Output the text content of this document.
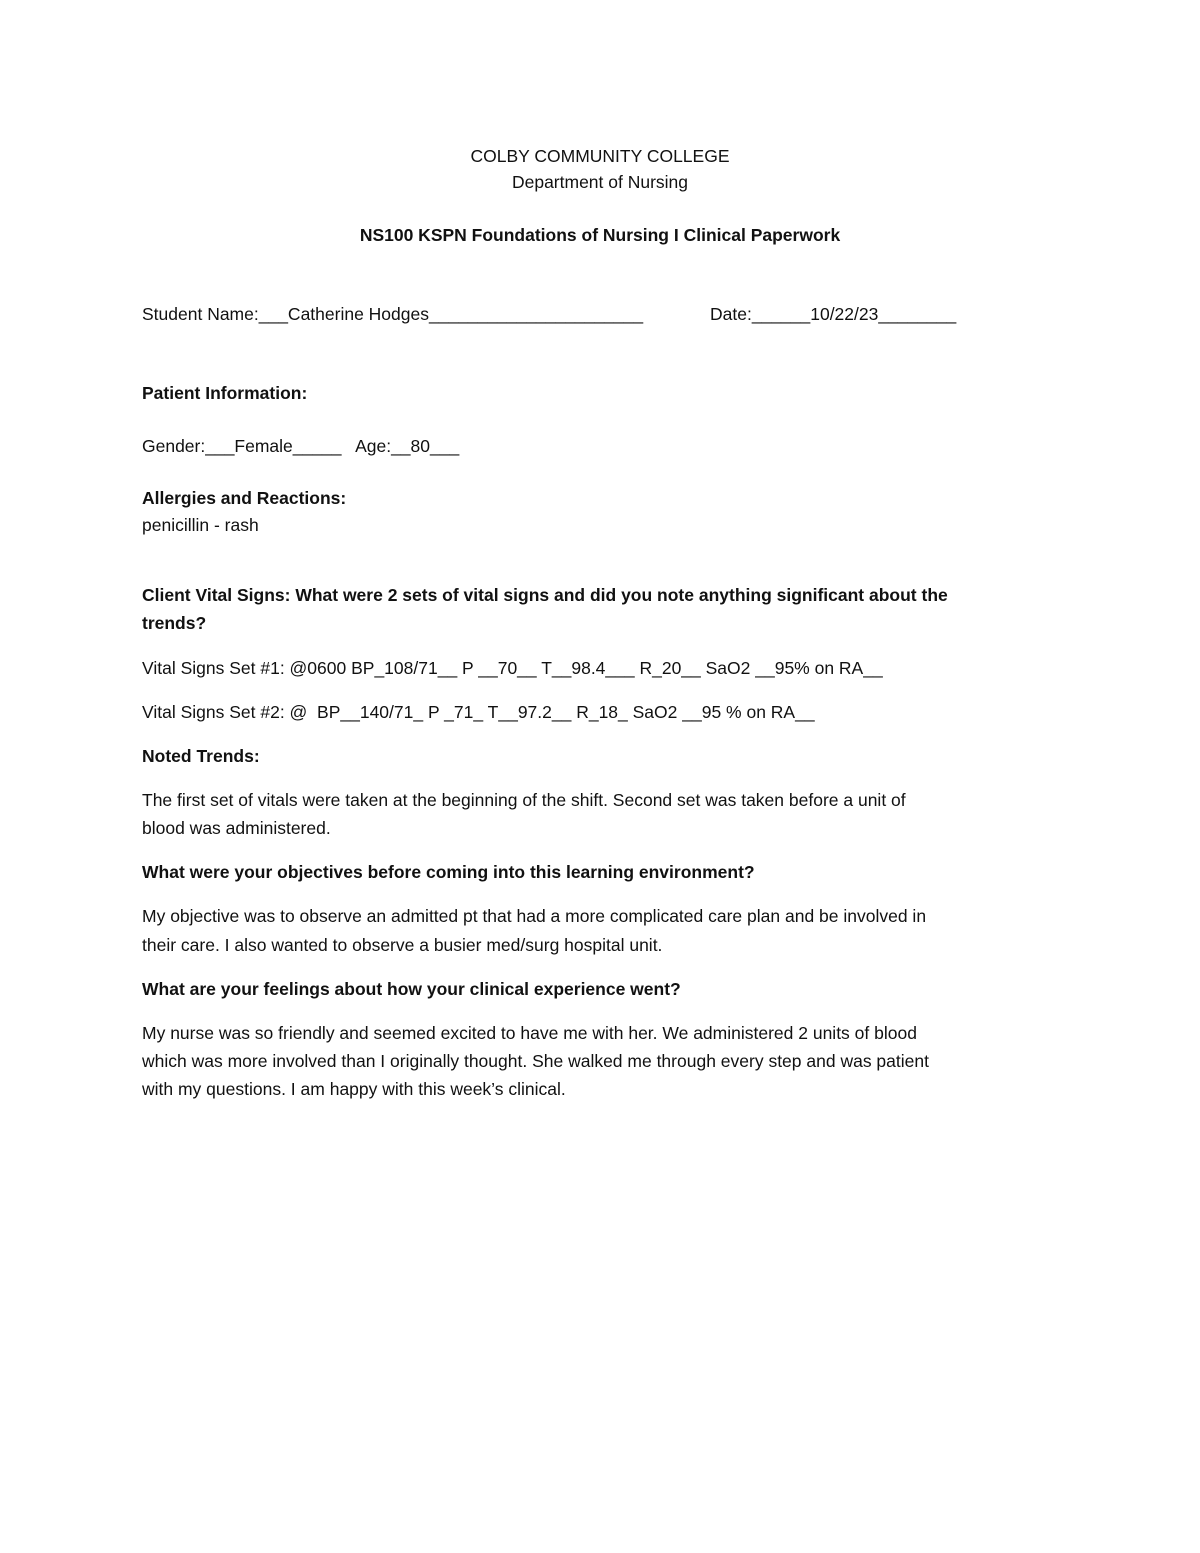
COLBY COMMUNITY COLLEGE

Department of Nursing

NS100 KSPN Foundations of Nursing I Clinical Paperwork

Student Name:___Catherine Hodges______________________	Date:______10/22/23________

Patient Information:

Gender:___Female_____   Age:__80___

Allergies and Reactions:

penicillin - rash

Client Vital Signs: What were 2 sets of vital signs and did you note anything significant about the

trends?

Vital Signs Set #1: @0600 BP_108/71__ P __70__ T__98.4___ R_20__ SaO2 __95% on RA__

Vital Signs Set #2: @  BP__140/71_ P _71_ T__97.2__ R_18_ SaO2 __95 % on RA__

Noted Trends:

The first set of vitals were taken at the beginning of the shift. Second set was taken before a unit of

blood was administered.

What were your objectives before coming into this learning environment?

My objective was to observe an admitted pt that had a more complicated care plan and be involved in

their care. I also wanted to observe a busier med/surg hospital unit.

What are your feelings about how your clinical experience went?

My nurse was so friendly and seemed excited to have me with her. We administered 2 units of blood

which was more involved than I originally thought. She walked me through every step and was patient

with my questions. I am happy with this week’s clinical.
